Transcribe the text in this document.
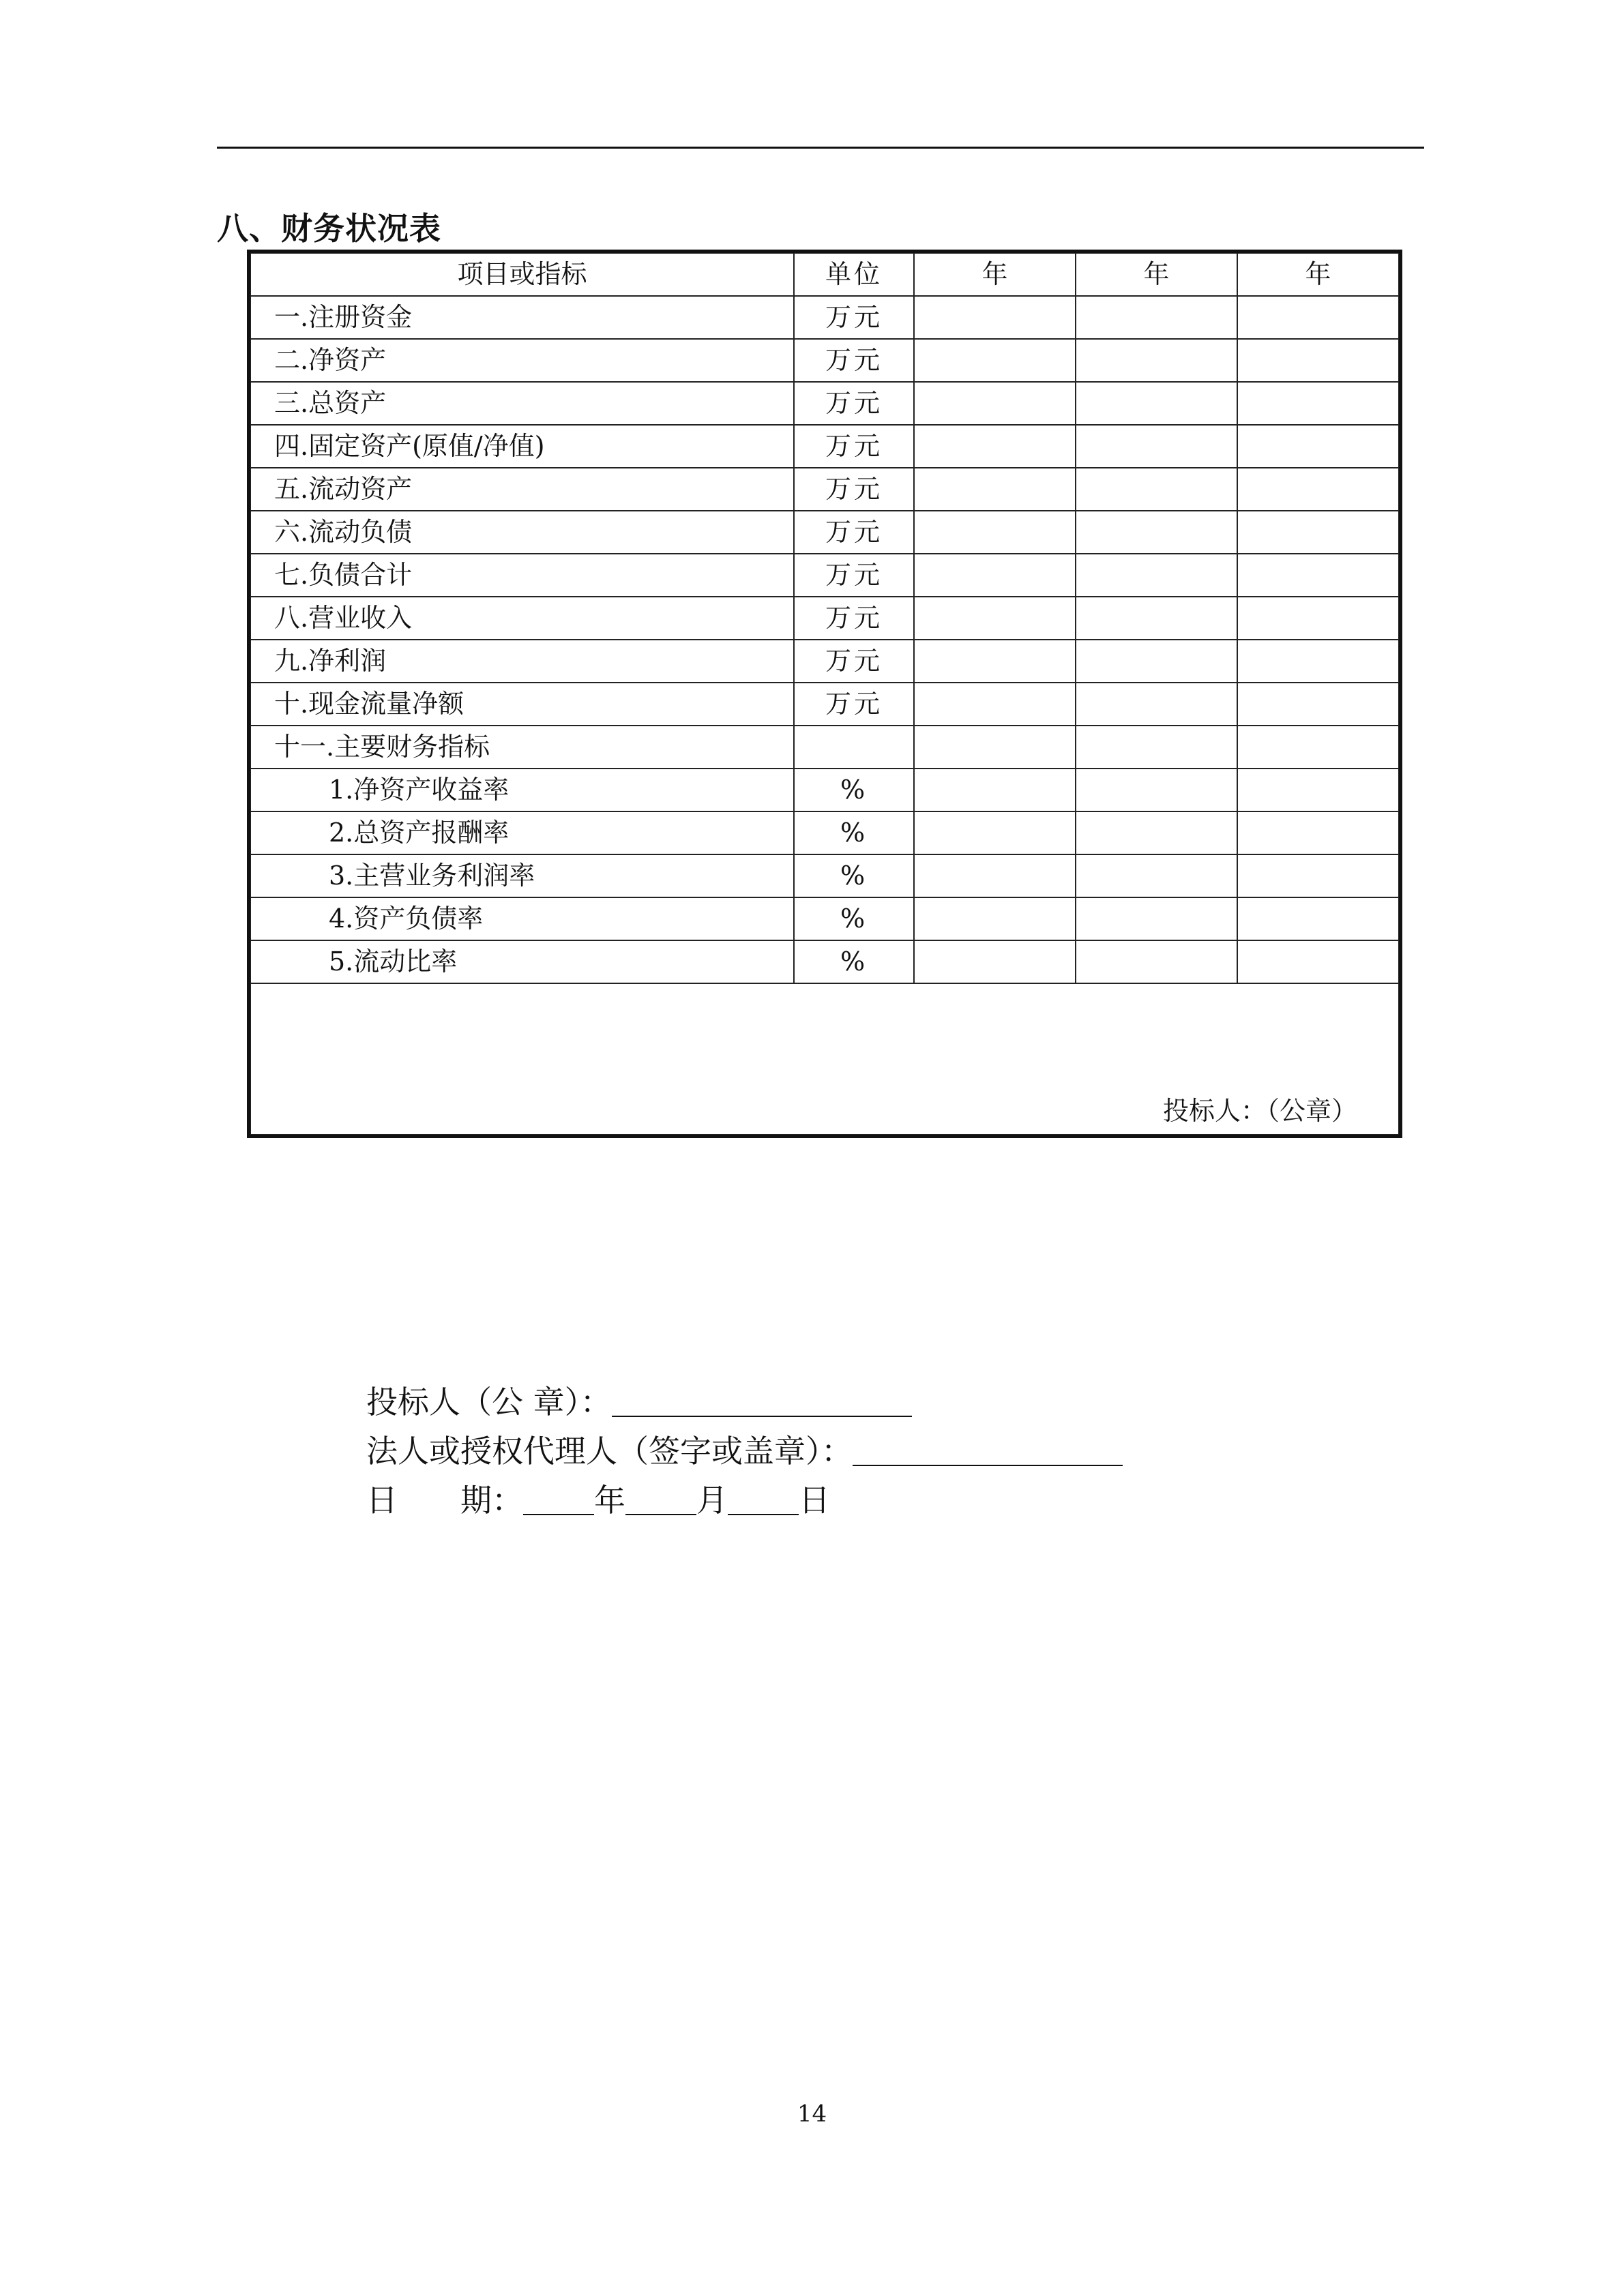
八、财务状况表
项目或指标	单位	年	年	年
一.注册资金	万元			
二.净资产	万元			
三.总资产	万元			
四.固定资产(原值/净值)	万元			
五.流动资产	万元			
六.流动负债	万元			
七.负债合计	万元			
八.营业收入	万元			
九.净利润	万元			
十.现金流量净额	万元			
十一.主要财务指标				
1.净资产收益率	%			
2.总资产报酬率	%			
3.主营业务利润率	%			
4.资产负债率	%			
5.流动比率	%			
投标人：（公章）				
投标人（公 章）：
法人或授权代理人（签字或盖章）：
日　　期： 年 月 日
14
